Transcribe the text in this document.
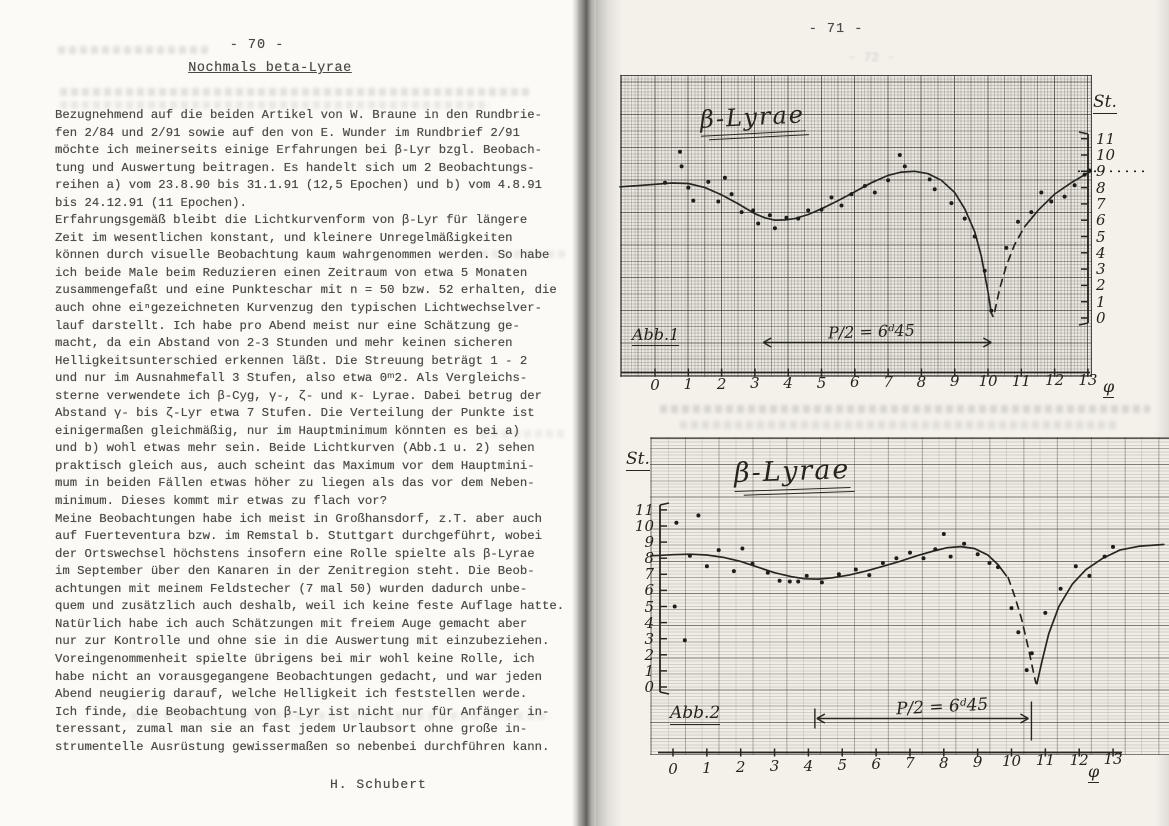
- 70 -
Nochmals beta-Lyrae
Bezugnehmend auf die beiden Artikel von W. Braune in den Rundbrie-
fen 2/84 und 2/91 sowie auf den von E. Wunder im Rundbrief 2/91
möchte ich meinerseits einige Erfahrungen bei β-Lyr bzgl. Beobach-
tung und Auswertung beitragen. Es handelt sich um 2 Beobachtungs-
reihen a) vom 23.8.90 bis 31.1.91 (12,5 Epochen) und b) vom 4.8.91
bis 24.12.91 (11 Epochen).
Erfahrungsgemäß bleibt die Lichtkurvenform von β-Lyr für längere
Zeit im wesentlichen konstant, und kleinere Unregelmäßigkeiten
können durch visuelle Beobachtung kaum wahrgenommen werden. So habe
ich beide Male beim Reduzieren einen Zeitraum von etwa 5 Monaten
zusammengefaßt und eine Punkteschar mit n = 50 bzw. 52 erhalten, die
auch ohne eiⁿgezeichneten Kurvenzug den typischen Lichtwechselver-
lauf darstellt. Ich habe pro Abend meist nur eine Schätzung ge-
macht, da ein Abstand von 2-3 Stunden und mehr keinen sicheren
Helligkeitsunterschied erkennen läßt. Die Streuung beträgt 1 - 2
und nur im Ausnahmefall 3 Stufen, also etwa 0ᵐ2. Als Vergleichs-
sterne verwendete ich β-Cyg, γ-, ζ- und κ- Lyrae. Dabei betrug der
Abstand γ- bis ζ-Lyr etwa 7 Stufen. Die Verteilung der Punkte ist
einigermaßen gleichmäßig, nur im Hauptminimum könnten es bei a)
und b) wohl etwas mehr sein. Beide Lichtkurven (Abb.1 u. 2) sehen
praktisch gleich aus, auch scheint das Maximum vor dem Hauptmini-
mum in beiden Fällen etwas höher zu liegen als das vor dem Neben-
minimum. Dieses kommt mir etwas zu flach vor?
Meine Beobachtungen habe ich meist in Großhansdorf, z.T. aber auch
auf Fuerteventura bzw. im Remstal b. Stuttgart durchgeführt, wobei
der Ortswechsel höchstens insofern eine Rolle spielte als β-Lyrae
im September über den Kanaren in der Zenitregion steht. Die Beob-
achtungen mit meinem Feldstecher (7 mal 50) wurden dadurch unbe-
quem und zusätzlich auch deshalb, weil ich keine feste Auflage hatte.
Natürlich habe ich auch Schätzungen mit freiem Auge gemacht aber
nur zur Kontrolle und ohne sie in die Auswertung mit einzubeziehen.
Voreingenommenheit spielte übrigens bei mir wohl keine Rolle, ich
habe nicht an vorausgegangene Beobachtungen gedacht, und war jeden
Abend neugierig darauf, welche Helligkeit ich feststellen werde.
Ich finde, die Beobachtung von β-Lyr ist nicht nur für Anfänger in-
teressant, zumal man sie an fast jedem Urlaubsort ohne große in-
strumentelle Ausrüstung gewissermaßen so nebenbei durchführen kann.
H. Schubert
- 71 -
- 72 -
β-Lyrae	St.
φ
Abb.1	P/2 = 6ᵈ45
β-Lyrae
St.
φ
Abb.2	P/2 = 6ᵈ45
0
1
2
3
4
5
6
7
8
9
10
11
0	1	2	3	4	5	6	7	8	9	10 11 12 13
0
1
2
3
4
5
6
7
8
9
10
11
0	1	2	3	4	5	6	7	8	9	10 11 12 13
